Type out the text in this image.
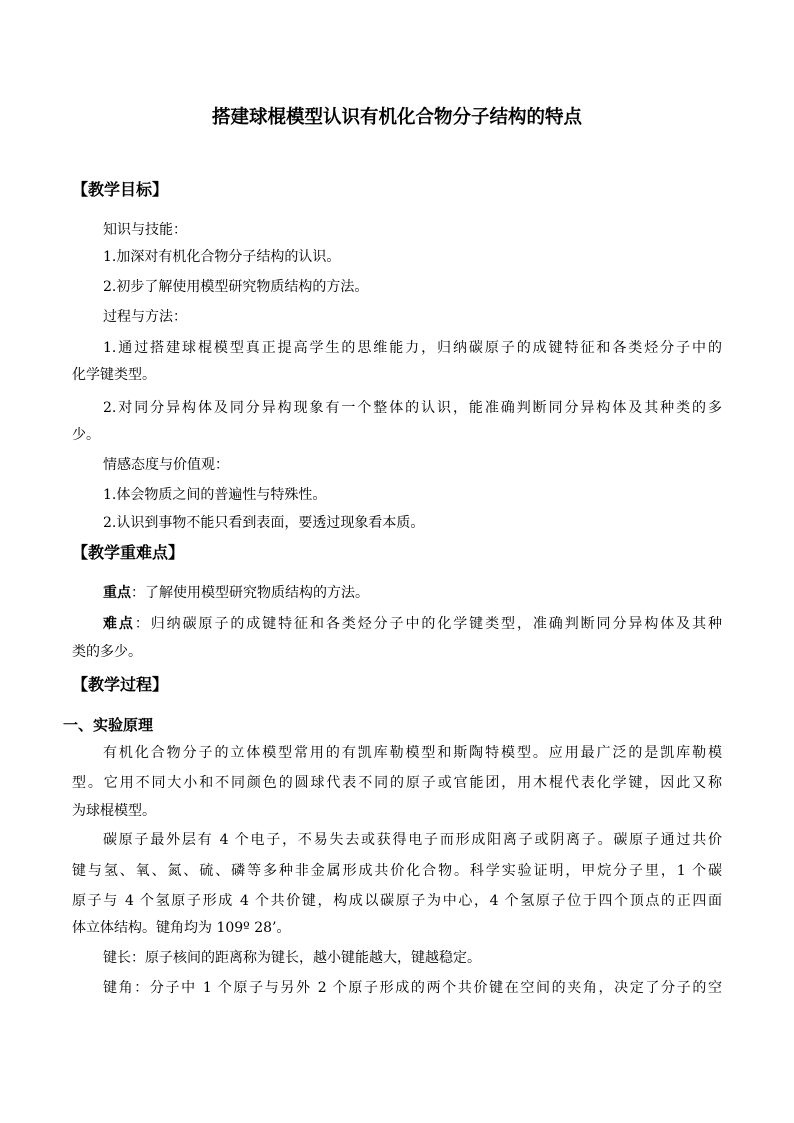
搭建球棍模型认识有机化合物分子结构的特点
【教学目标】
知识与技能：
1.加深对有机化合物分子结构的认识。
2.初步了解使用模型研究物质结构的方法。
过程与方法：
1.通过搭建球棍模型真正提高学生的思维能力，归纳碳原子的成键特征和各类烃分子中的
化学键类型。
2.对同分异构体及同分异构现象有一个整体的认识，能准确判断同分异构体及其种类的多
少。
情感态度与价值观：
1.体会物质之间的普遍性与特殊性。
2.认识到事物不能只看到表面，要透过现象看本质。
【教学重难点】
重点：了解使用模型研究物质结构的方法。
难点：归纳碳原子的成键特征和各类烃分子中的化学键类型，准确判断同分异构体及其种
类的多少。
【教学过程】
一、实验原理
有机化合物分子的立体模型常用的有凯库勒模型和斯陶特模型。应用最广泛的是凯库勒模
型。它用不同大小和不同颜色的圆球代表不同的原子或官能团，用木棍代表化学键，因此又称
为球棍模型。
碳原子最外层有 4 个电子，不易失去或获得电子而形成阳离子或阴离子。碳原子通过共价
键与氢、氧、氮、硫、磷等多种非金属形成共价化合物。科学实验证明，甲烷分子里，1 个碳
原子与 4 个氢原子形成 4 个共价键，构成以碳原子为中心，4 个氢原子位于四个顶点的正四面
体立体结构。键角均为 109º 28’。
键长：原子核间的距离称为键长，越小键能越大，键越稳定。
键角：分子中 1 个原子与另外 2 个原子形成的两个共价键在空间的夹角，决定了分子的空
